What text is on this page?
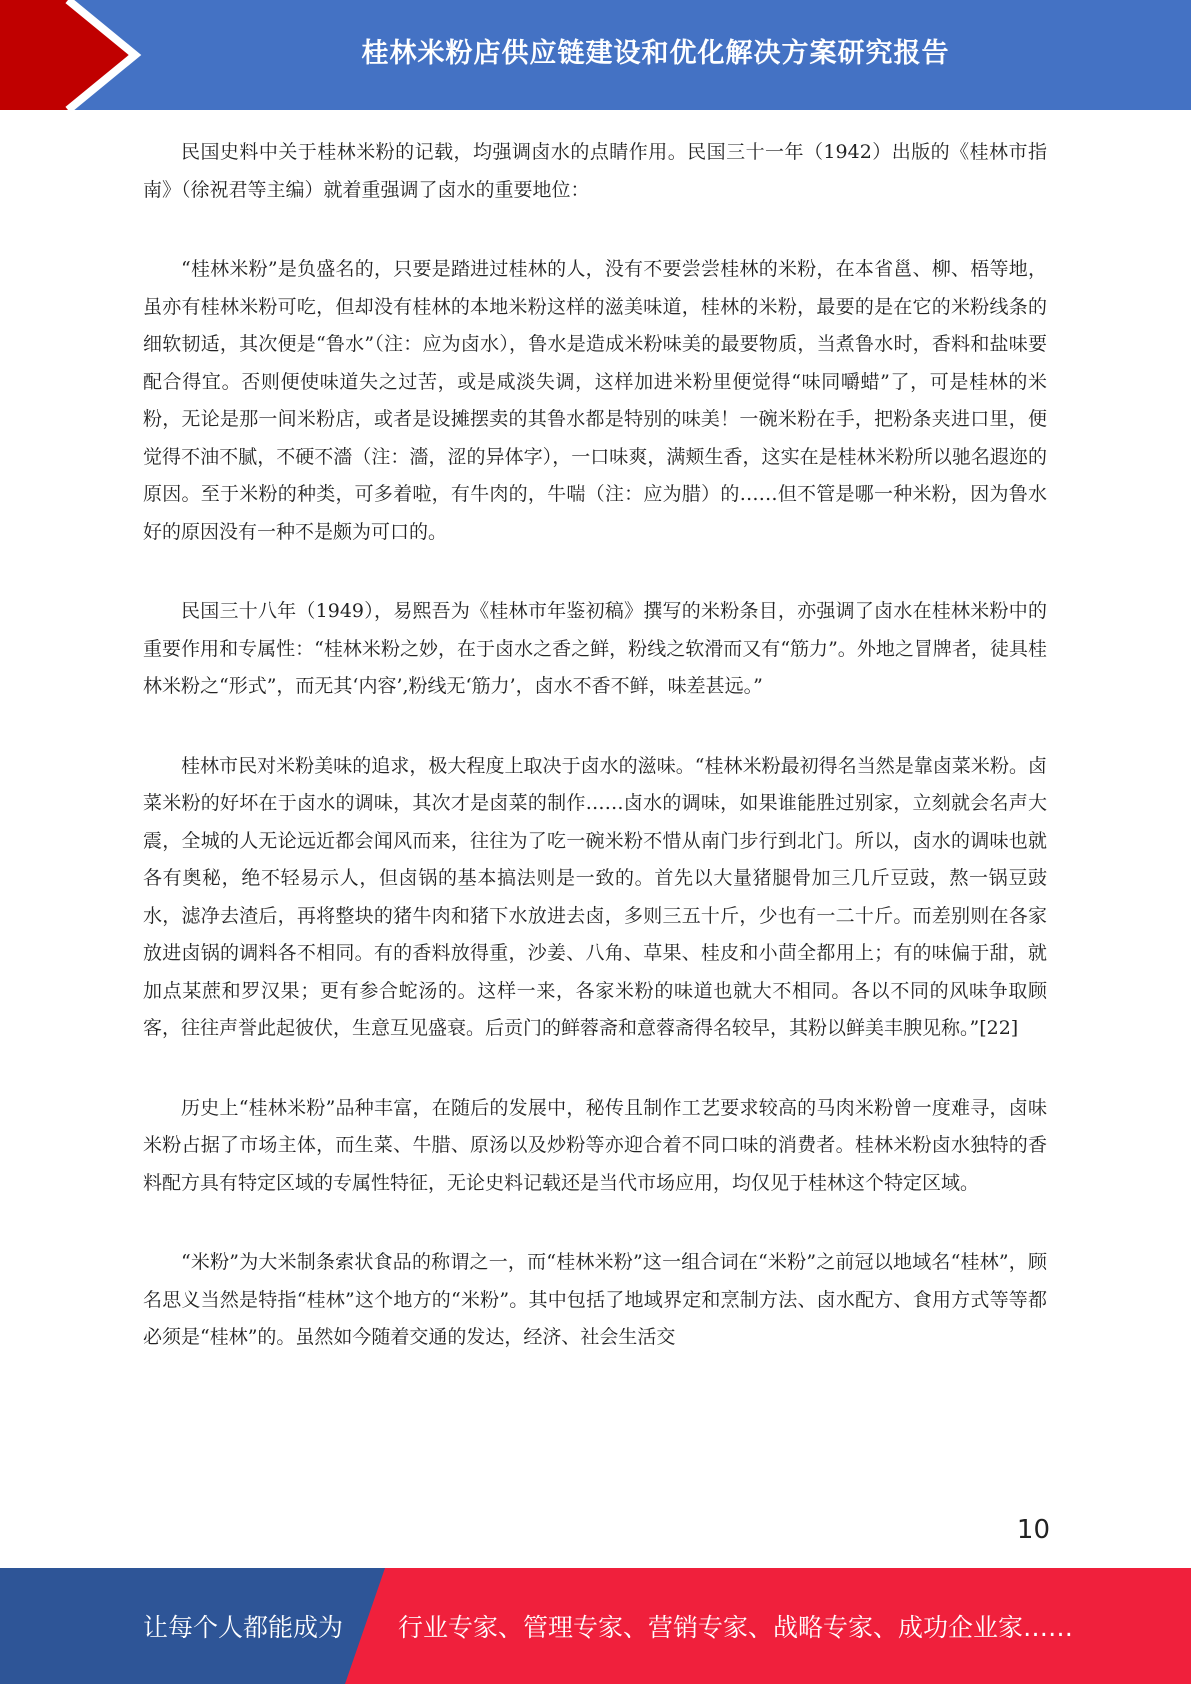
桂林米粉店供应链建设和优化解决方案研究报告

民国史料中关于桂林米粉的记载，均强调卤水的点睛作用。民国三十一年（1942）出版的《桂林市指南》（徐祝君等主编）就着重强调了卤水的重要地位：

“桂林米粉”是负盛名的，只要是踏进过桂林的人，没有不要尝尝桂林的米粉，在本省邕、柳、梧等地，虽亦有桂林米粉可吃，但却没有桂林的本地米粉这样的滋美味道，桂林的米粉，最要的是在它的米粉线条的细软韧适，其次便是“鲁水”（注：应为卤水），鲁水是造成米粉味美的最要物质，当煮鲁水时，香料和盐味要配合得宜。否则便使味道失之过苦，或是咸淡失调，这样加进米粉里便觉得“味同嚼蜡”了，可是桂林的米粉，无论是那一间米粉店，或者是设摊摆卖的其鲁水都是特别的味美！一碗米粉在手，把粉条夹进口里，便觉得不油不腻，不硬不濇（注：濇，涩的异体字），一口味爽，满颊生香，这实在是桂林米粉所以驰名遐迩的原因。至于米粉的种类，可多着啦，有牛肉的，牛喘（注：应为腊）的……但不管是哪一种米粉，因为鲁水好的原因没有一种不是颇为可口的。

民国三十八年（1949），易熙吾为《桂林市年鉴初稿》撰写的米粉条目，亦强调了卤水在桂林米粉中的重要作用和专属性：“桂林米粉之妙，在于卤水之香之鲜，粉线之软滑而又有“筋力”。外地之冒牌者，徒具桂林米粉之“形式”，而无其‘内容’,粉线无‘筋力’，卤水不香不鲜，味差甚远。”

桂林市民对米粉美味的追求，极大程度上取决于卤水的滋味。“桂林米粉最初得名当然是靠卤菜米粉。卤菜米粉的好坏在于卤水的调味，其次才是卤菜的制作……卤水的调味，如果谁能胜过别家，立刻就会名声大震，全城的人无论远近都会闻风而来，往往为了吃一碗米粉不惜从南门步行到北门。所以，卤水的调味也就各有奥秘，绝不轻易示人，但卤锅的基本搞法则是一致的。首先以大量猪腿骨加三几斤豆豉，熬一锅豆豉水，滤净去渣后，再将整块的猪牛肉和猪下水放进去卤，多则三五十斤，少也有一二十斤。而差别则在各家放进卤锅的调料各不相同。有的香料放得重，沙姜、八角、草果、桂皮和小茴全都用上；有的味偏于甜，就加点某蔗和罗汉果；更有参合蛇汤的。这样一来，各家米粉的味道也就大不相同。各以不同的风味争取顾客，往往声誉此起彼伏，生意互见盛衰。后贡门的鲜蓉斋和意蓉斋得名较早，其粉以鲜美丰腴见称。”[22]

历史上“桂林米粉”品种丰富，在随后的发展中，秘传且制作工艺要求较高的马肉米粉曾一度难寻，卤味米粉占据了市场主体，而生菜、牛腊、原汤以及炒粉等亦迎合着不同口味的消费者。桂林米粉卤水独特的香料配方具有特定区域的专属性特征，无论史料记载还是当代市场应用，均仅见于桂林这个特定区域。

“米粉”为大米制条索状食品的称谓之一，而“桂林米粉”这一组合词在“米粉”之前冠以地域名“桂林”，顾名思义当然是特指“桂林”这个地方的“米粉”。其中包括了地域界定和烹制方法、卤水配方、食用方式等等都必须是“桂林”的。虽然如今随着交通的发达，经济、社会生活交

10
让每个人都能成为 行业专家、管理专家、营销专家、战略专家、成功企业家……
